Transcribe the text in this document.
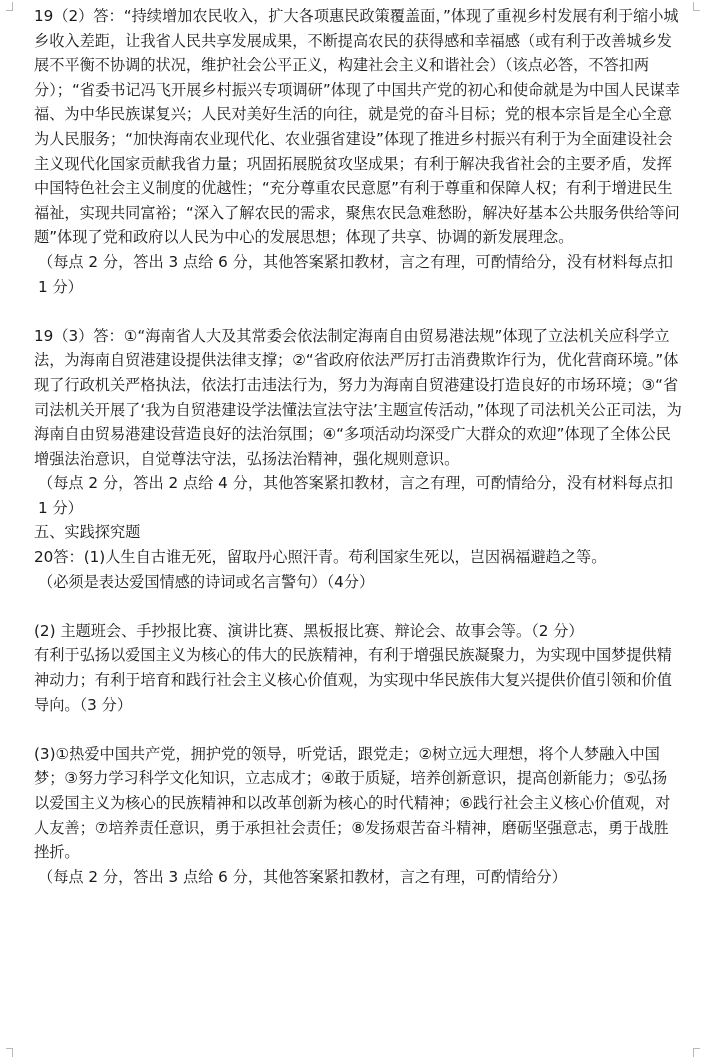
19（2）答：“持续增加农民收入，扩大各项惠民政策覆盖面，”体现了重视乡村发展有利于缩小城乡收入差距，让我省人民共享发展成果，不断提高农民的获得感和幸福感（或有利于改善城乡发展不平衡不协调的状况，维护社会公平正义，构建社会主义和谐社会）（该点必答，不答扣两分）；“省委书记冯飞开展乡村振兴专项调研”体现了中国共产党的初心和使命就是为中国人民谋幸福、为中华民族谋复兴；人民对美好生活的向往，就是党的奋斗目标；党的根本宗旨是全心全意为人民服务；“加快海南农业现代化、农业强省建设”体现了推进乡村振兴有利于为全面建设社会主义现代化国家贡献我省力量；巩固拓展脱贫攻坚成果；有利于解决我省社会的主要矛盾，发挥中国特色社会主义制度的优越性；“充分尊重农民意愿”有利于尊重和保障人权；有利于增进民生福祉，实现共同富裕；“深入了解农民的需求，聚焦农民急难愁盼，解决好基本公共服务供给等问题”体现了党和政府以人民为中心的发展思想；体现了共享、协调的新发展理念。

（每点 2 分，答出 3 点给 6 分，其他答案紧扣教材，言之有理，可酌情给分，没有材料每点扣 1 分）

19（3）答：①“海南省人大及其常委会依法制定海南自由贸易港法规”体现了立法机关应科学立法，为海南自贸港建设提供法律支撑；②“省政府依法严厉打击消费欺诈行为，优化营商环境。”体现了行政机关严格执法，依法打击违法行为，努力为海南自贸港建设打造良好的市场环境；③“省司法机关开展了‘我为自贸港建设学法懂法宣法守法’主题宣传活动，”体现了司法机关公正司法，为海南自由贸易港建设营造良好的法治氛围；④“多项活动均深受广大群众的欢迎”体现了全体公民增强法治意识，自觉尊法守法，弘扬法治精神，强化规则意识。

（每点 2 分，答出 2 点给 4 分，其他答案紧扣教材，言之有理，可酌情给分，没有材料每点扣 1 分）

五、实践探究题

20答：(1)人生自古谁无死，留取丹心照汗青。苟利国家生死以，岂因祸福避趋之等。

（必须是表达爱国情感的诗词或名言警句）（4分）

(2) 主题班会、手抄报比赛、演讲比赛、黑板报比赛、辩论会、故事会等。（2 分）

有利于弘扬以爱国主义为核心的伟大的民族精神，有利于增强民族凝聚力，为实现中国梦提供精神动力；有利于培育和践行社会主义核心价值观，为实现中华民族伟大复兴提供价值引领和价值导向。（3 分）

(3)①热爱中国共产党，拥护党的领导，听党话，跟党走；②树立远大理想，将个人梦融入中国梦；③努力学习科学文化知识，立志成才；④敢于质疑，培养创新意识，提高创新能力；⑤弘扬以爱国主义为核心的民族精神和以改革创新为核心的时代精神；⑥践行社会主义核心价值观，对人友善；⑦培养责任意识，勇于承担社会责任；⑧发扬艰苦奋斗精神，磨砺坚强意志，勇于战胜挫折。

（每点 2 分，答出 3 点给 6 分，其他答案紧扣教材，言之有理，可酌情给分）
